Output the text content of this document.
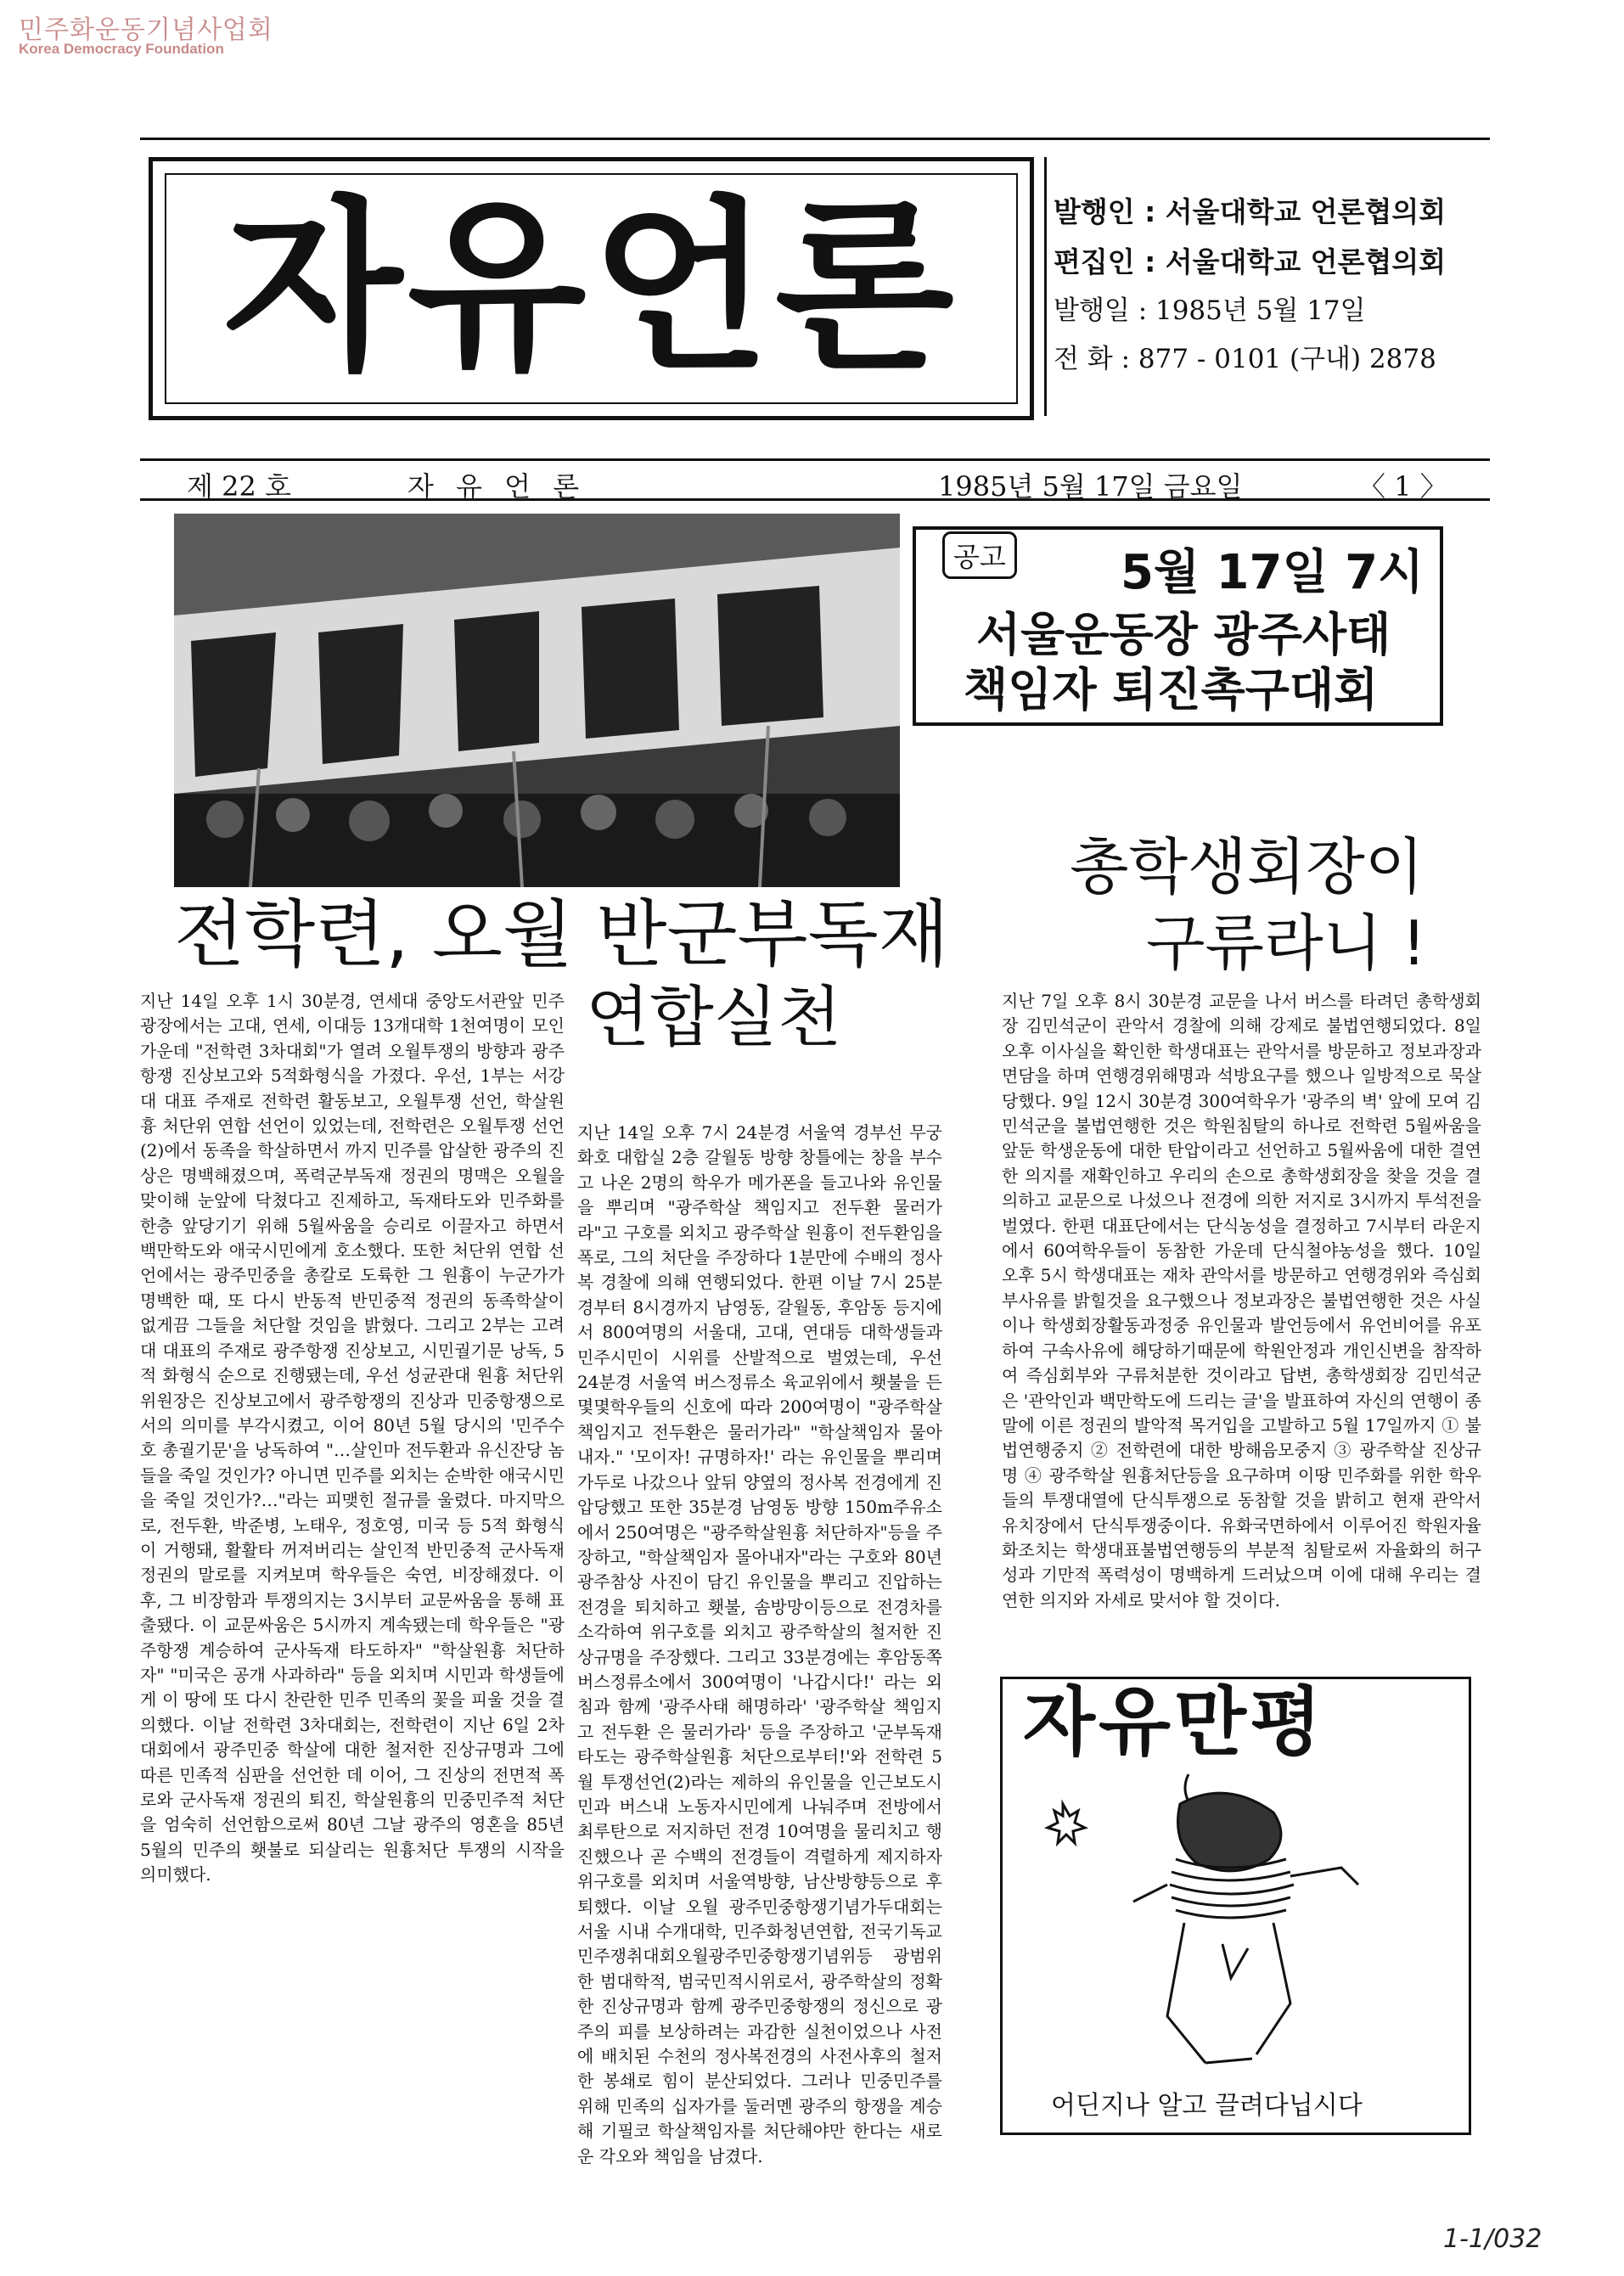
민주화운동기념사업회
Korea Democracy Foundation
자유언론	발행인 : 서울대학교 언론협의회
편집인 : 서울대학교 언론협의회
발행일 : 1985년 5월 17일
전 화 : 877 - 0101 (구내) 2878
제 22 호	자 유 언 론	1985년 5월 17일 금요일	〈 1 〉
공고 5월 17일 7시
서울운동장 광주사태
책임자 퇴진촉구대회
총학생회장이
구류라니 !
전학련, 오월 반군부독재
연합실천
지난 14일 오후 1시 30분경, 연세대 중앙도서관앞 민주광장에서는 고대, 연세, 이대등 13개대학 1천여명이 모인 가운데 "전학련 3차대회"가 열려 오월투쟁의 방향과 광주항쟁 진상보고와 5적화형식을 가졌다. 우선, 1부는 서강대 대표 주재로 전학련 활동보고, 오월투쟁 선언, 학살원흉 처단위 연합 선언이 있었는데, 전학련은 오월투쟁 선언(2)에서 동족을 학살하면서 까지 민주를 압살한 광주의 진상은 명백해졌으며, 폭력군부독재 정권의 명맥은 오월을 맞이해 눈앞에 닥쳤다고 진제하고, 독재타도와 민주화를 한층 앞당기기 위해 5월싸움을 승리로 이끌자고 하면서 백만학도와 애국시민에게 호소했다. 또한 처단위 연합 선언에서는 광주민중을 총칼로 도륙한 그 원흉이 누군가가 명백한 때, 또 다시 반동적 반민중적 정권의 동족학살이 없게끔 그들을 처단할 것임을 밝혔다. 그리고 2부는 고려대 대표의 주재로 광주항쟁 진상보고, 시민궐기문 낭독, 5적 화형식 순으로 진행됐는데, 우선 성균관대 원흉 처단위 위원장은 진상보고에서 광주항쟁의 진상과 민중항쟁으로서의 의미를 부각시켰고, 이어 80년 5월 당시의 '민주수호 총궐기문'을 낭독하여 "…살인마 전두환과 유신잔당 놈들을 죽일 것인가? 아니면 민주를 외치는 순박한 애국시민을 죽일 것인가?…"라는 피맺힌 절규를 울렸다. 마지막으로, 전두환, 박준병, 노태우, 정호영, 미국 등 5적 화형식이 거행돼, 활활타 꺼져버리는 살인적 반민중적 군사독재정권의 말로를 지켜보며 학우들은 숙연, 비장해졌다. 이후, 그 비장함과 투쟁의지는 3시부터 교문싸움을 통해 표출됐다. 이 교문싸움은 5시까지 계속됐는데 학우들은 "광주항쟁 계승하여 군사독재 타도하자" "학살원흉 처단하자" "미국은 공개 사과하라" 등을 외치며 시민과 학생들에게 이 땅에 또 다시 찬란한 민주 민족의 꽃을 피울 것을 결의했다. 이날 전학련 3차대회는, 전학련이 지난 6일 2차대회에서 광주민중 학살에 대한 철저한 진상규명과 그에 따른 민족적 심판을 선언한 데 이어, 그 진상의 전면적 폭로와 군사독재 정권의 퇴진, 학살원흉의 민중민주적 처단을 엄숙히 선언함으로써 80년 그날 광주의 영혼을 85년 5월의 민주의 횃불로 되살리는 원흉처단 투쟁의 시작을 의미했다.
지난 14일 오후 7시 24분경 서울역 경부선 무궁화호 대합실 2층 갈월동 방향 창틀에는 창을 부수고 나온 2명의 학우가 메가폰을 들고나와 유인물을 뿌리며 "광주학살 책임지고 전두환 물러가라"고 구호를 외치고 광주학살 원흉이 전두환임을 폭로, 그의 처단을 주장하다 1분만에 수배의 정사복 경찰에 의해 연행되었다. 한편 이날 7시 25분경부터 8시경까지 남영동, 갈월동, 후암동 등지에서 800여명의 서울대, 고대, 연대등 대학생들과 민주시민이 시위를 산발적으로 벌였는데, 우선 24분경 서울역 버스정류소 육교위에서 횃불을 든 몇몇학우들의 신호에 따라 200여명이 "광주학살 책임지고 전두환은 물러가라" "학살책임자 물아내자." '모이자! 규명하자!' 라는 유인물을 뿌리며 가두로 나갔으나 앞뒤 양옆의 정사복 전경에게 진압당했고 또한 35분경 남영동 방향 150m주유소에서 250여명은 "광주학살원흉 처단하자"등을 주장하고, "학살책임자 몰아내자"라는 구호와 80년 광주참상 사진이 담긴 유인물을 뿌리고 진압하는 전경을 퇴치하고 횃불, 솜방망이등으로 전경차를 소각하여 위구호를 외치고 광주학살의 철저한 진상규명을 주장했다. 그리고 33분경에는 후암동쪽 버스정류소에서 300여명이 '나갑시다!' 라는 외침과 함께 '광주사태 해명하라' '광주학살 책임지고 전두환 은 물러가라' 등을 주장하고 '군부독재 타도는 광주학살원흉 처단으로부터!'와 전학련 5월 투쟁선언(2)라는 제하의 유인물을 인근보도시민과 버스내 노동자시민에게 나눠주며 전방에서 최루탄으로 저지하던 전경 10여명을 물리치고 행진했으나 곧 수백의 전경들이 격렬하게 제지하자 위구호를 외치며 서울역방향, 남산방향등으로 후퇴했다. 이날 오월 광주민중항쟁기념가두대회는 서울 시내 수개대학, 민주화청년연합, 전국기독교민주쟁취대회오월광주민중항쟁기념위등 광범위한 범대학적, 범국민적시위로서, 광주학살의 정확한 진상규명과 함께 광주민중항쟁의 정신으로 광주의 피를 보상하려는 과감한 실천이었으나 사전에 배치된 수천의 정사복전경의 사전사후의 철저한 봉쇄로 힘이 분산되었다. 그러나 민중민주를 위해 민족의 십자가를 둘러멘 광주의 항쟁을 계승해 기필코 학살책임자를 처단해야만 한다는 새로운 각오와 책임을 남겼다.
지난 7일 오후 8시 30분경 교문을 나서 버스를 타려던 총학생회장 김민석군이 관악서 경찰에 의해 강제로 불법연행되었다. 8일 오후 이사실을 확인한 학생대표는 관악서를 방문하고 정보과장과 면담을 하며 연행경위해명과 석방요구를 했으나 일방적으로 묵살당했다. 9일 12시 30분경 300여학우가 '광주의 벽' 앞에 모여 김민석군을 불법연행한 것은 학원침탈의 하나로 전학련 5월싸움을 앞둔 학생운동에 대한 탄압이라고 선언하고 5월싸움에 대한 결연한 의지를 재확인하고 우리의 손으로 총학생회장을 찾을 것을 결의하고 교문으로 나섰으나 전경에 의한 저지로 3시까지 투석전을 벌였다. 한편 대표단에서는 단식농성을 결정하고 7시부터 라운지에서 60여학우들이 동참한 가운데 단식철야농성을 했다. 10일 오후 5시 학생대표는 재차 관악서를 방문하고 연행경위와 즉심회부사유를 밝힐것을 요구했으나 정보과장은 불법연행한 것은 사실이나 학생회장활동과정중 유인물과 발언등에서 유언비어를 유포하여 구속사유에 해당하기때문에 학원안정과 개인신변을 참작하여 즉심회부와 구류처분한 것이라고 답변, 총학생회장 김민석군은 '관악인과 백만학도에 드리는 글'을 발표하여 자신의 연행이 종말에 이른 정권의 발악적 목거입을 고발하고 5월 17일까지 ① 불법연행중지 ② 전학련에 대한 방해음모중지 ③ 광주학살 진상규명 ④ 광주학살 원흉처단등을 요구하며 이땅 민주화를 위한 학우들의 투쟁대열에 단식투쟁으로 동참할 것을 밝히고 현재 관악서 유치장에서 단식투쟁중이다. 유화국면하에서 이루어진 학원자율화조치는 학생대표불법연행등의 부분적 침탈로써 자율화의 허구성과 기만적 폭력성이 명백하게 드러났으며 이에 대해 우리는 결연한 의지와 자세로 맞서야 할 것이다.
자유만평
어딘지나 알고 끌려다닙시다
1-1/032
